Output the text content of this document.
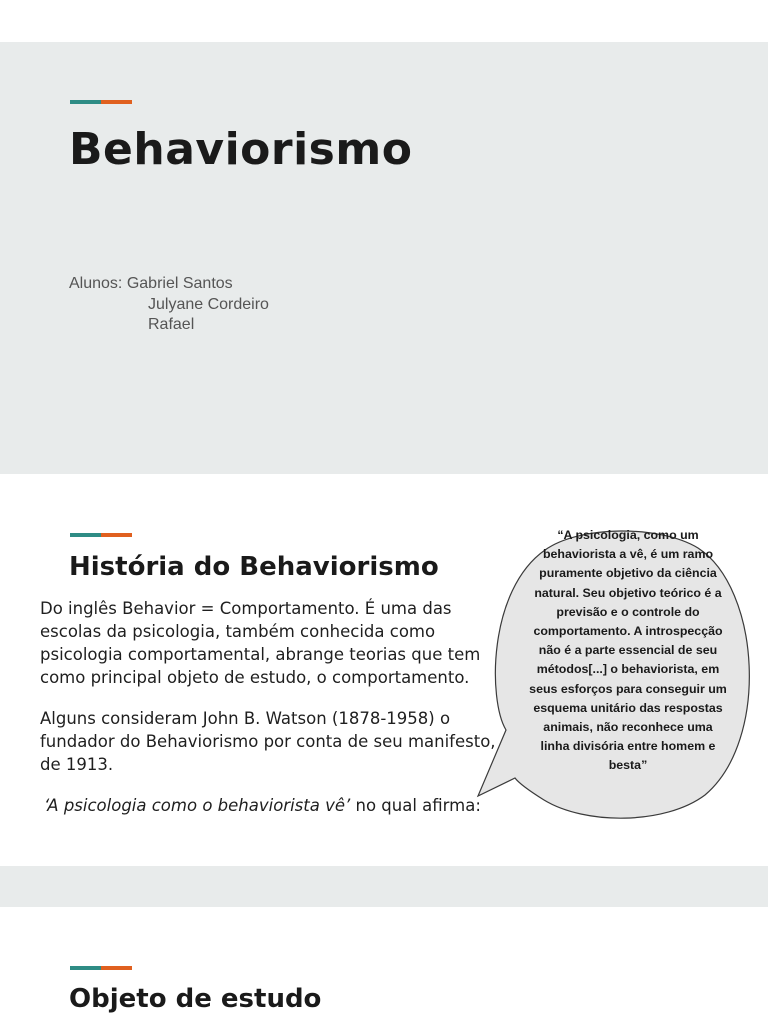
Behaviorismo
Alunos:
Gabriel Santos
Julyane Cordeiro
Rafael
História do Behaviorismo

Do inglês Behavior = Comportamento. É uma das escolas da psicologia, também conhecida como psicologia comportamental, abrange teorias que tem como principal objeto de estudo, o comportamento.

Alguns consideram John B. Watson (1878-1958) o fundador do Behaviorismo por conta de seu manifesto, de 1913.

‘A psicologia como o behaviorista vê’ no qual afirma:

“A psicologia, como um behaviorista a vê, é um ramo puramente objetivo da ciência natural. Seu objetivo teórico é a previsão e o controle do comportamento. A introspecção não é a parte essencial de seu métodos[...] o behaviorista, em seus esforços para conseguir um esquema unitário das respostas animais, não reconhece uma linha divisória entre homem e besta”
Objeto de estudo
